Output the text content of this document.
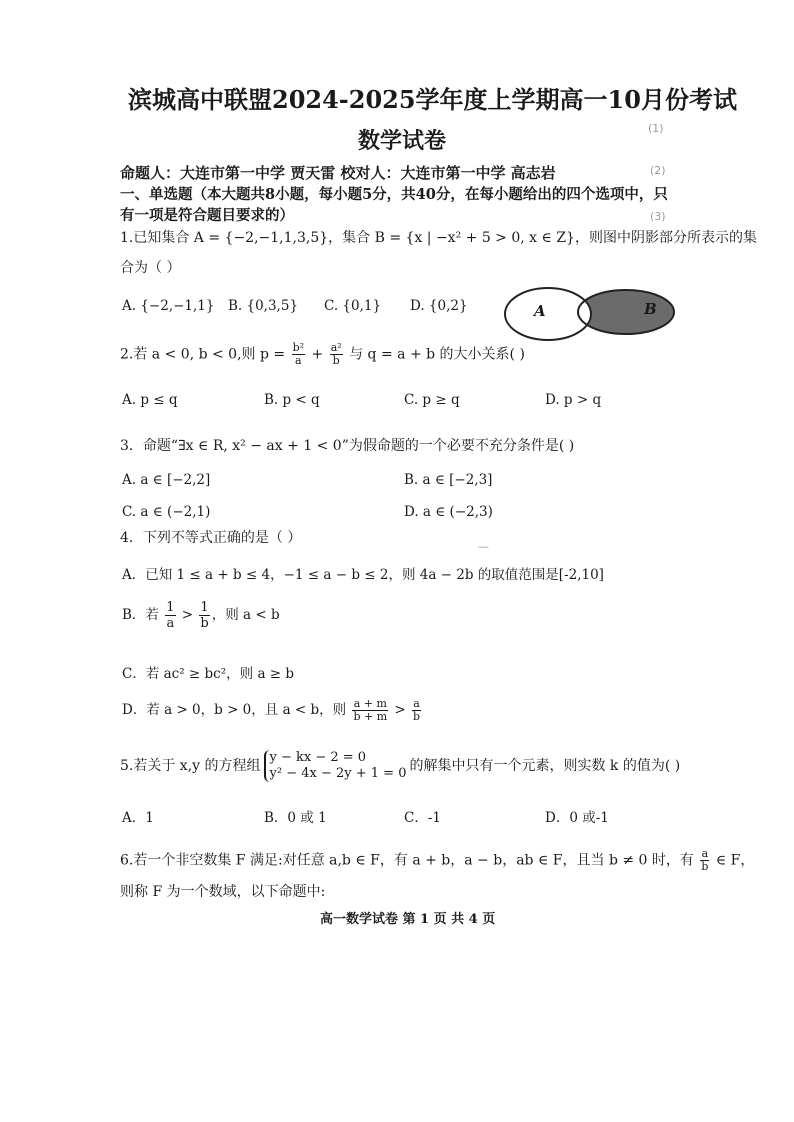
滨城高中联盟2024-2025学年度上学期高一10月份考试
数学试卷
命题人：大连市第一中学 贾天雷 校对人：大连市第一中学 高志岩
(1)
(2)
(3)
—
一、单选题（本大题共8小题，每小题5分，共40分，在每小题给出的四个选项中，只有一项是符合题目要求的）
1.已知集合 A = {−2,−1,1,3,5}，集合 B = {x | −x² + 5 > 0, x ∈ Z}，则图中阴影部分所表示的集
合为（ ）
A. {−2,−1,1} B. {0,3,5} C. {0,1} D. {0,2}	A	B
2.若 a < 0, b < 0,则 $p = \frac{\text{b²}}{a} + \frac{\text{a²}}{b}$ 与 q = a + b 的大小关系( )
A. p ≤ q	B. p < q	C. p ≥ q	D. p > q
3．命题“∃x ∈ R, x² − ax + 1 < 0”为假命题的一个必要不充分条件是( )
A. a ∈ [−2,2]	B. a ∈ [−2,3]
C. a ∈ (−2,1)	D. a ∈ (−2,3)
4．下列不等式正确的是（ ）
A．已知 1 ≤ a + b ≤ 4，−1 ≤ a − b ≤ 2，则 4a − 2b 的取值范围是[-2,10]
B．若 $\frac{1}{a} > \frac{1}{b}$ ，则 a < b
C．若 ac² ≥ bc²，则 a ≥ b
D．若 a > 0，b > 0，且 a < b，则 $\frac{a + m}{b + m} > \frac{a}{b}$
5.若关于 x,y 的方程组
y − kx − 2 = 0
y² − 4x − 2y + 1 = 0 的解集中只有一个元素，则实数 k 的值为( )
A．1	B．0 或 1	C．-1	D．0 或-1
6.若一个非空数集 F 满足:对任意 a,b ∈ F，有 a + b，a − b，ab ∈ F，且当 b ≠ 0 时，有 $\frac{a}{b}$ ∈ F，
则称 F 为一个数域，以下命题中:
高一数学试卷 第 1 页 共 4 页
